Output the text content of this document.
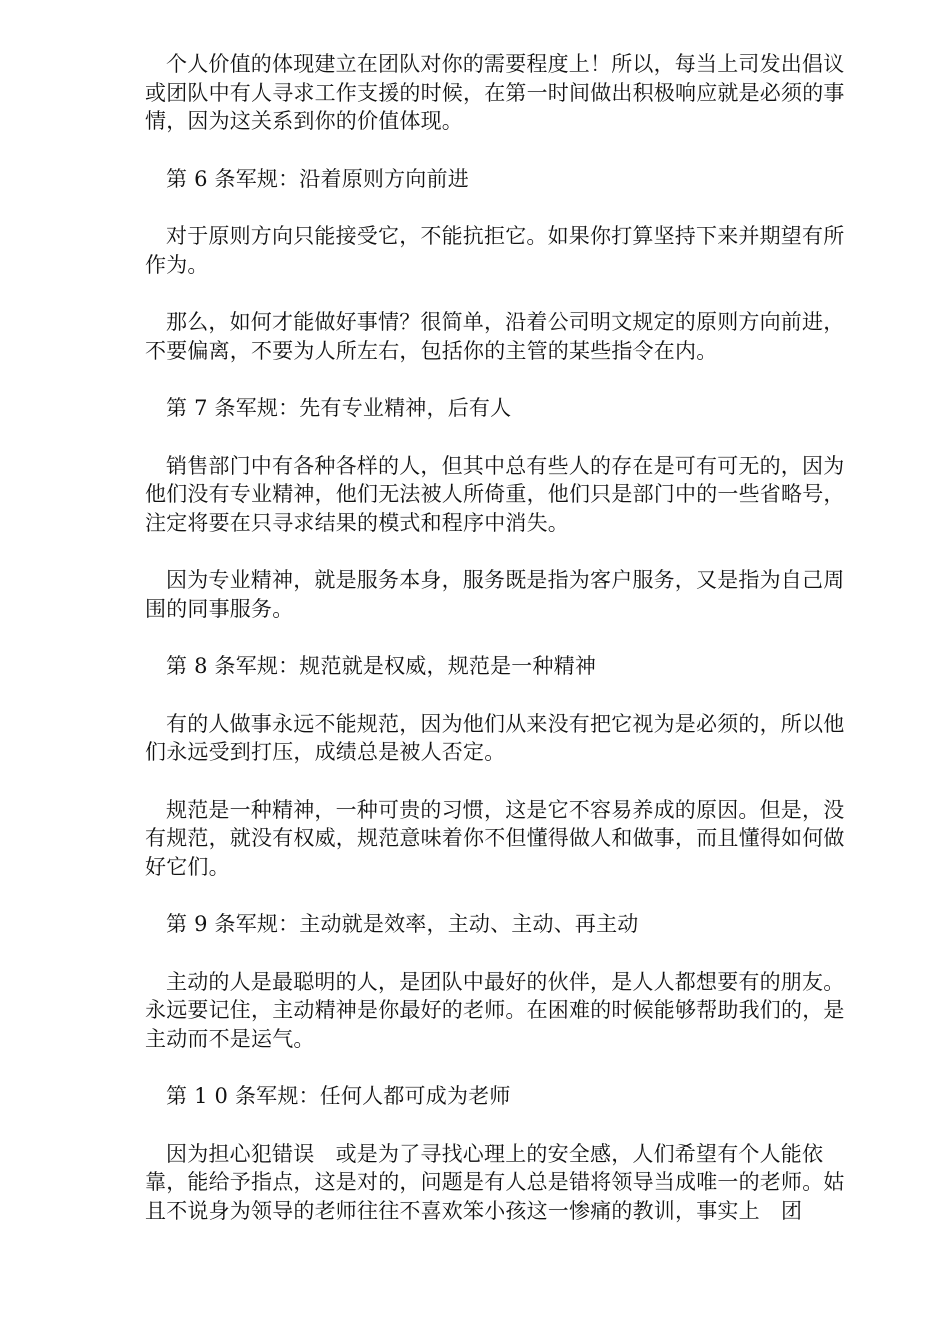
个人价值的体现建立在团队对你的需要程度上！所以，每当上司发出倡议或团队中有人寻求工作支援的时候，在第一时间做出积极响应就是必须的事情，因为这关系到你的价值体现。

第 6 条军规：沿着原则方向前进

对于原则方向只能接受它，不能抗拒它。如果你打算坚持下来并期望有所作为。

那么，如何才能做好事情？很简单，沿着公司明文规定的原则方向前进，不要偏离，不要为人所左右，包括你的主管的某些指令在内。

第 7 条军规：先有专业精神，后有人

销售部门中有各种各样的人，但其中总有些人的存在是可有可无的，因为他们没有专业精神，他们无法被人所倚重，他们只是部门中的一些省略号，注定将要在只寻求结果的模式和程序中消失。

因为专业精神，就是服务本身，服务既是指为客户服务，又是指为自己周围的同事服务。

第 8 条军规：规范就是权威，规范是一种精神

有的人做事永远不能规范，因为他们从来没有把它视为是必须的，所以他们永远受到打压，成绩总是被人否定。

规范是一种精神，一种可贵的习惯，这是它不容易养成的原因。但是，没有规范，就没有权威，规范意味着你不但懂得做人和做事，而且懂得如何做好它们。

第 9 条军规：主动就是效率，主动、主动、再主动

主动的人是最聪明的人，是团队中最好的伙伴，是人人都想要有的朋友。永远要记住，主动精神是你最好的老师。在困难的时候能够帮助我们的，是主动而不是运气。

第 1 0 条军规：任何人都可成为老师

因为担心犯错误　或是为了寻找心理上的安全感，人们希望有个人能依靠，能给予指点，这是对的，问题是有人总是错将领导当成唯一的老师。姑且不说身为领导的老师往往不喜欢笨小孩这一惨痛的教训，事实上　团
